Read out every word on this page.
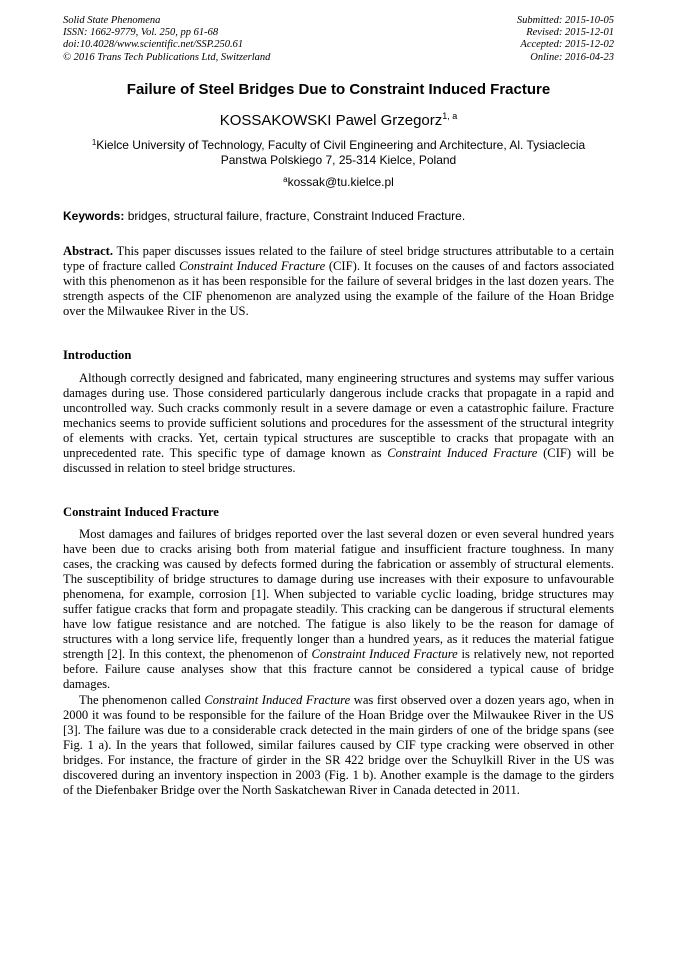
Solid State Phenomena
ISSN: 1662-9779, Vol. 250, pp 61-68
doi:10.4028/www.scientific.net/SSP.250.61
© 2016 Trans Tech Publications Ltd, Switzerland
Submitted: 2015-10-05
Revised: 2015-12-01
Accepted: 2015-12-02
Online: 2016-04-23
Failure of Steel Bridges Due to Constraint Induced Fracture
KOSSAKOWSKI Pawel Grzegorz$^{1, a}$
$^1$Kielce University of Technology, Faculty of Civil Engineering and Architecture, Al. Tysiaclecia
Panstwa Polskiego 7, 25-314 Kielce, Poland
$^a$kossak@tu.kielce.pl
Keywords: bridges, structural failure, fracture, Constraint Induced Fracture.

Abstract. This paper discusses issues related to the failure of steel bridge structures attributable to a certain type of fracture called Constraint Induced Fracture (CIF). It focuses on the causes of and factors associated with this phenomenon as it has been responsible for the failure of several bridges in the last dozen years. The strength aspects of the CIF phenomenon are analyzed using the example of the failure of the Hoan Bridge over the Milwaukee River in the US.

Introduction

Although correctly designed and fabricated, many engineering structures and systems may suffer various damages during use. Those considered particularly dangerous include cracks that propagate in a rapid and uncontrolled way. Such cracks commonly result in a severe damage or even a catastrophic failure. Fracture mechanics seems to provide sufficient solutions and procedures for the assessment of the structural integrity of elements with cracks. Yet, certain typical structures are susceptible to cracks that propagate with an unprecedented rate. This specific type of damage known as Constraint Induced Fracture (CIF) will be discussed in relation to steel bridge structures.

Constraint Induced Fracture

Most damages and failures of bridges reported over the last several dozen or even several hundred years have been due to cracks arising both from material fatigue and insufficient fracture toughness. In many cases, the cracking was caused by defects formed during the fabrication or assembly of structural elements. The susceptibility of bridge structures to damage during use increases with their exposure to unfavourable phenomena, for example, corrosion [1]. When subjected to variable cyclic loading, bridge structures may suffer fatigue cracks that form and propagate steadily. This cracking can be dangerous if structural elements have low fatigue resistance and are notched. The fatigue is also likely to be the reason for damage of structures with a long service life, frequently longer than a hundred years, as it reduces the material fatigue strength [2]. In this context, the phenomenon of Constraint Induced Fracture is relatively new, not reported before. Failure cause analyses show that this fracture cannot be considered a typical cause of bridge damages.

The phenomenon called Constraint Induced Fracture was first observed over a dozen years ago, when in 2000 it was found to be responsible for the failure of the Hoan Bridge over the Milwaukee River in the US [3]. The failure was due to a considerable crack detected in the main girders of one of the bridge spans (see Fig. 1 a). In the years that followed, similar failures caused by CIF type cracking were observed in other bridges. For instance, the fracture of girder in the SR 422 bridge over the Schuylkill River in the US was discovered during an inventory inspection in 2003 (Fig. 1 b). Another example is the damage to the girders of the Diefenbaker Bridge over the North Saskatchewan River in Canada detected in 2011.
